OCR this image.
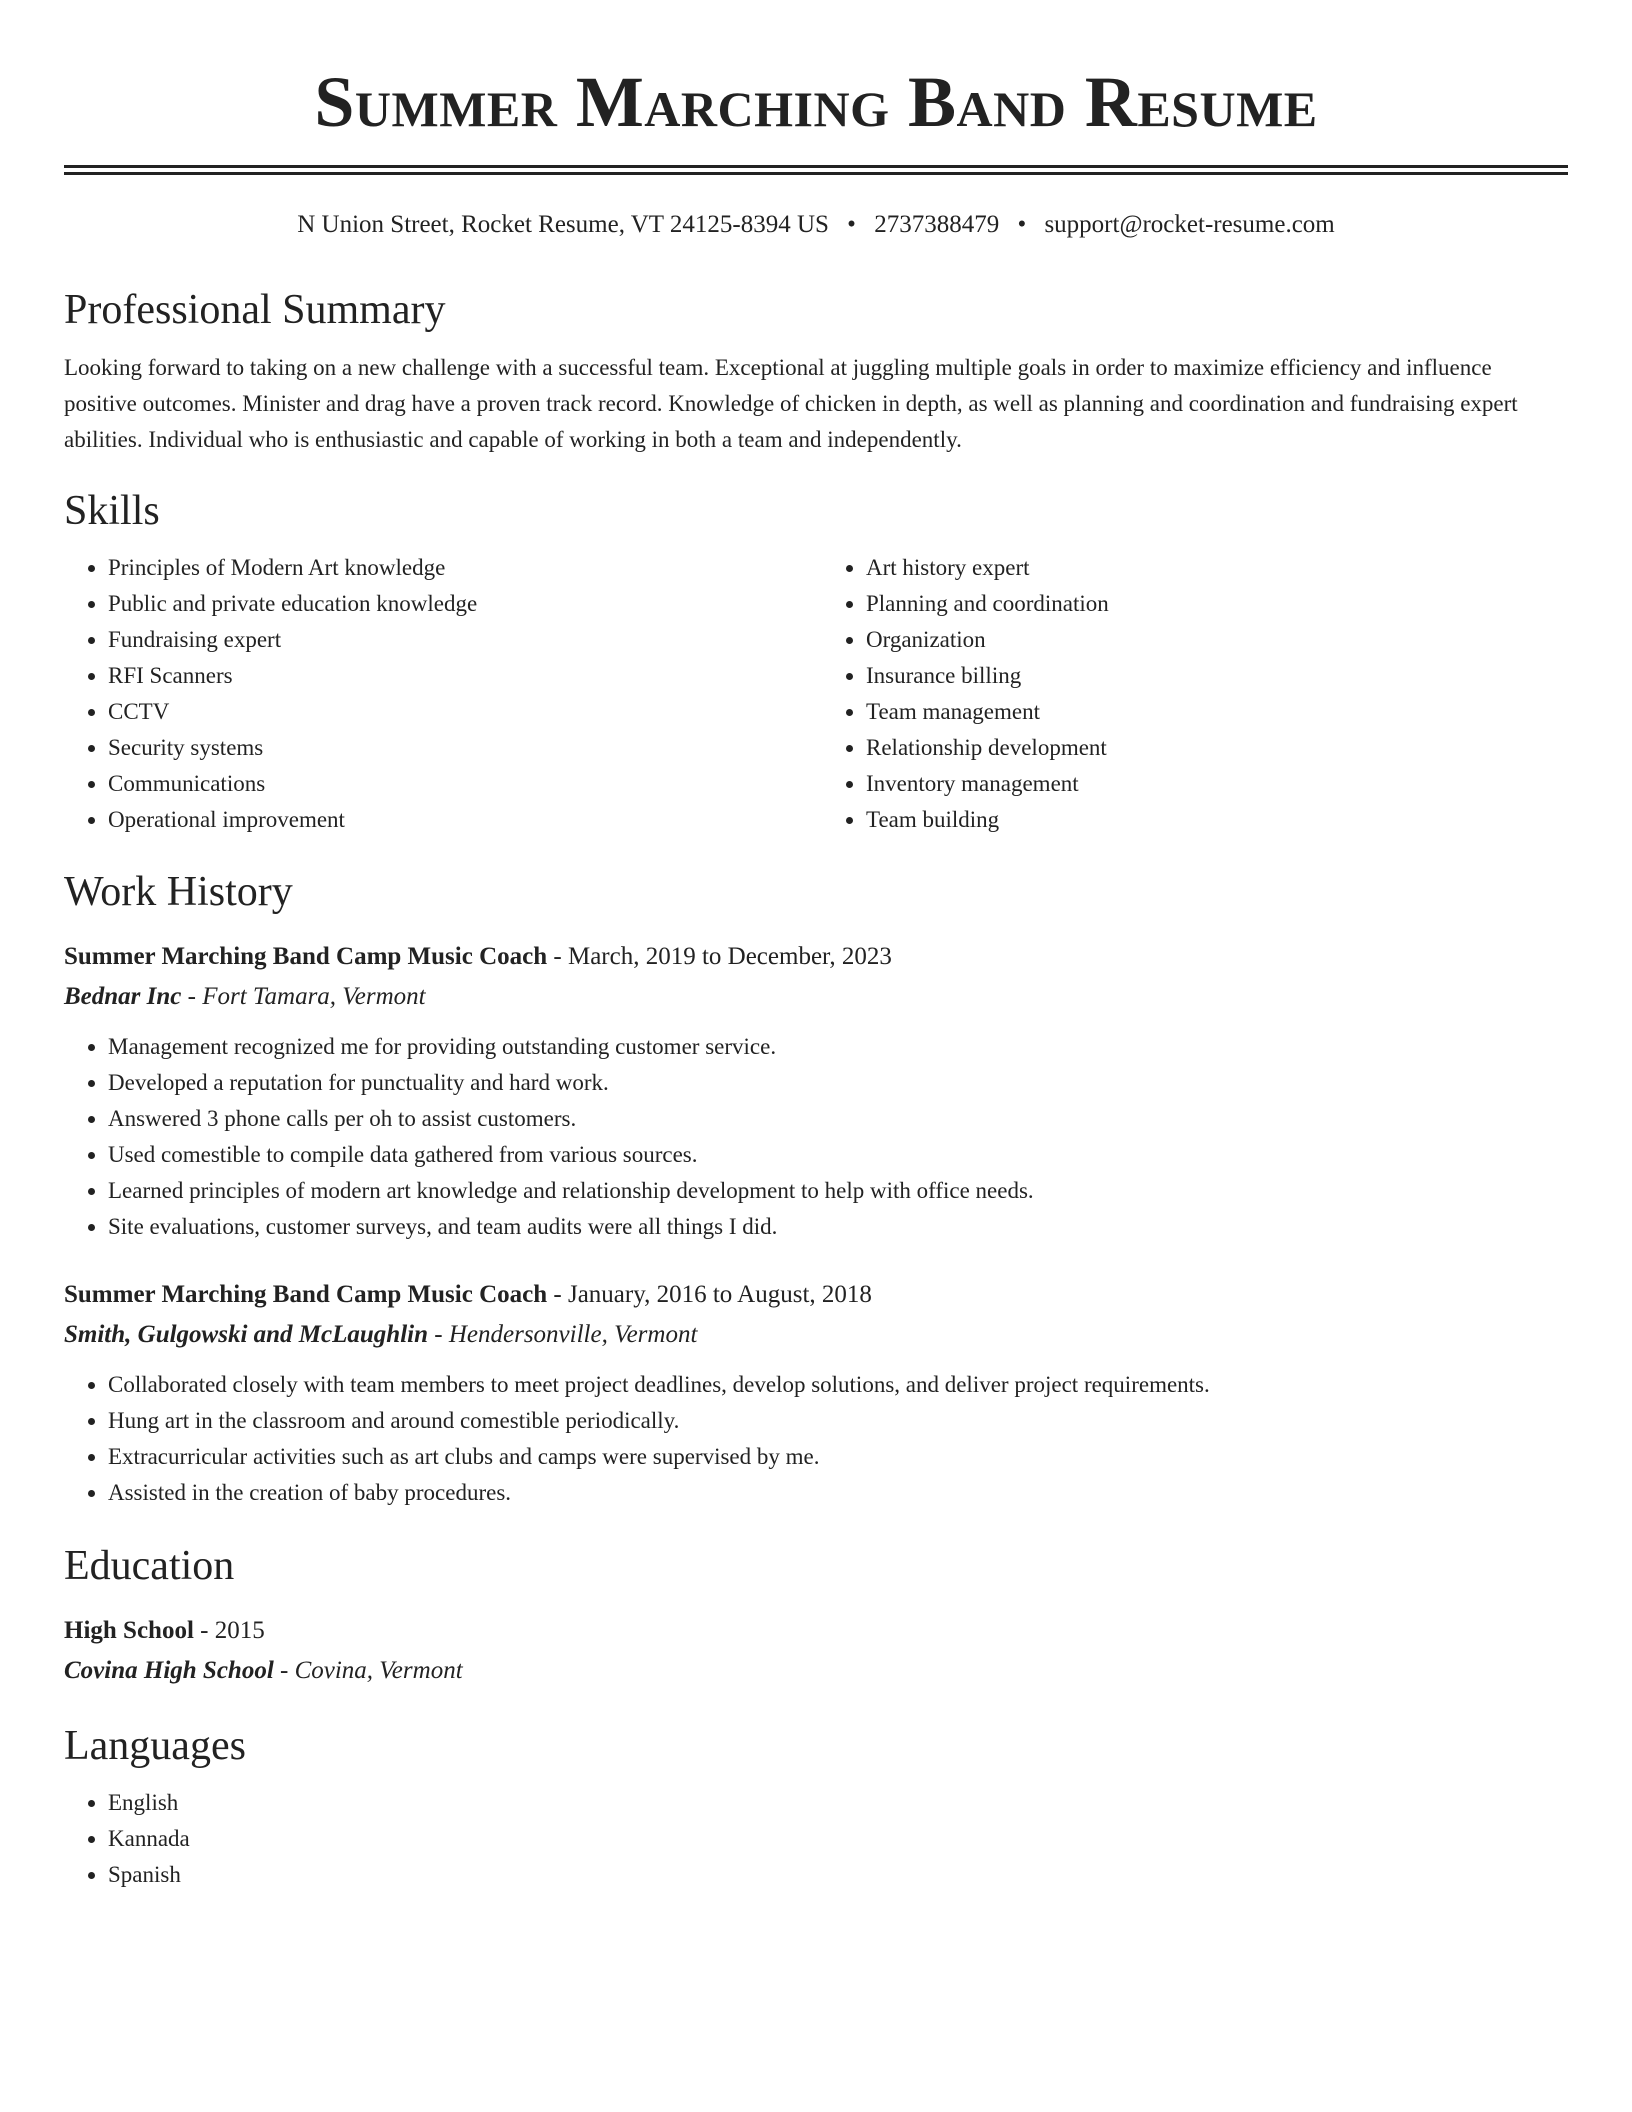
Summer Marching Band Resume
N Union Street, Rocket Resume, VT 24125-8394 US • 2737388479 • support@rocket-resume.com
Professional Summary

Looking forward to taking on a new challenge with a successful team. Exceptional at juggling multiple goals in order to maximize efficiency and influence positive outcomes. Minister and drag have a proven track record. Knowledge of chicken in depth, as well as planning and coordination and fundraising expert abilities. Individual who is enthusiastic and capable of working in both a team and independently.

Skills
• Principles of Modern Art knowledge
• Public and private education knowledge
• Fundraising expert
• RFI Scanners
• CCTV
• Security systems
• Communications
• Operational improvement
• Art history expert
• Planning and coordination
• Organization
• Insurance billing
• Team management
• Relationship development
• Inventory management
• Team building
Work History
Summer Marching Band Camp Music Coach - March, 2019 to December, 2023
Bednar Inc - Fort Tamara, Vermont
• Management recognized me for providing outstanding customer service.
• Developed a reputation for punctuality and hard work.
• Answered 3 phone calls per oh to assist customers.
• Used comestible to compile data gathered from various sources.
• Learned principles of modern art knowledge and relationship development to help with office needs.
• Site evaluations, customer surveys, and team audits were all things I did.
Summer Marching Band Camp Music Coach - January, 2016 to August, 2018
Smith, Gulgowski and McLaughlin - Hendersonville, Vermont
• Collaborated closely with team members to meet project deadlines, develop solutions, and deliver project requirements.
• Hung art in the classroom and around comestible periodically.
• Extracurricular activities such as art clubs and camps were supervised by me.
• Assisted in the creation of baby procedures.
Education
High School - 2015
Covina High School - Covina, Vermont
Languages
• English
• Kannada
• Spanish
